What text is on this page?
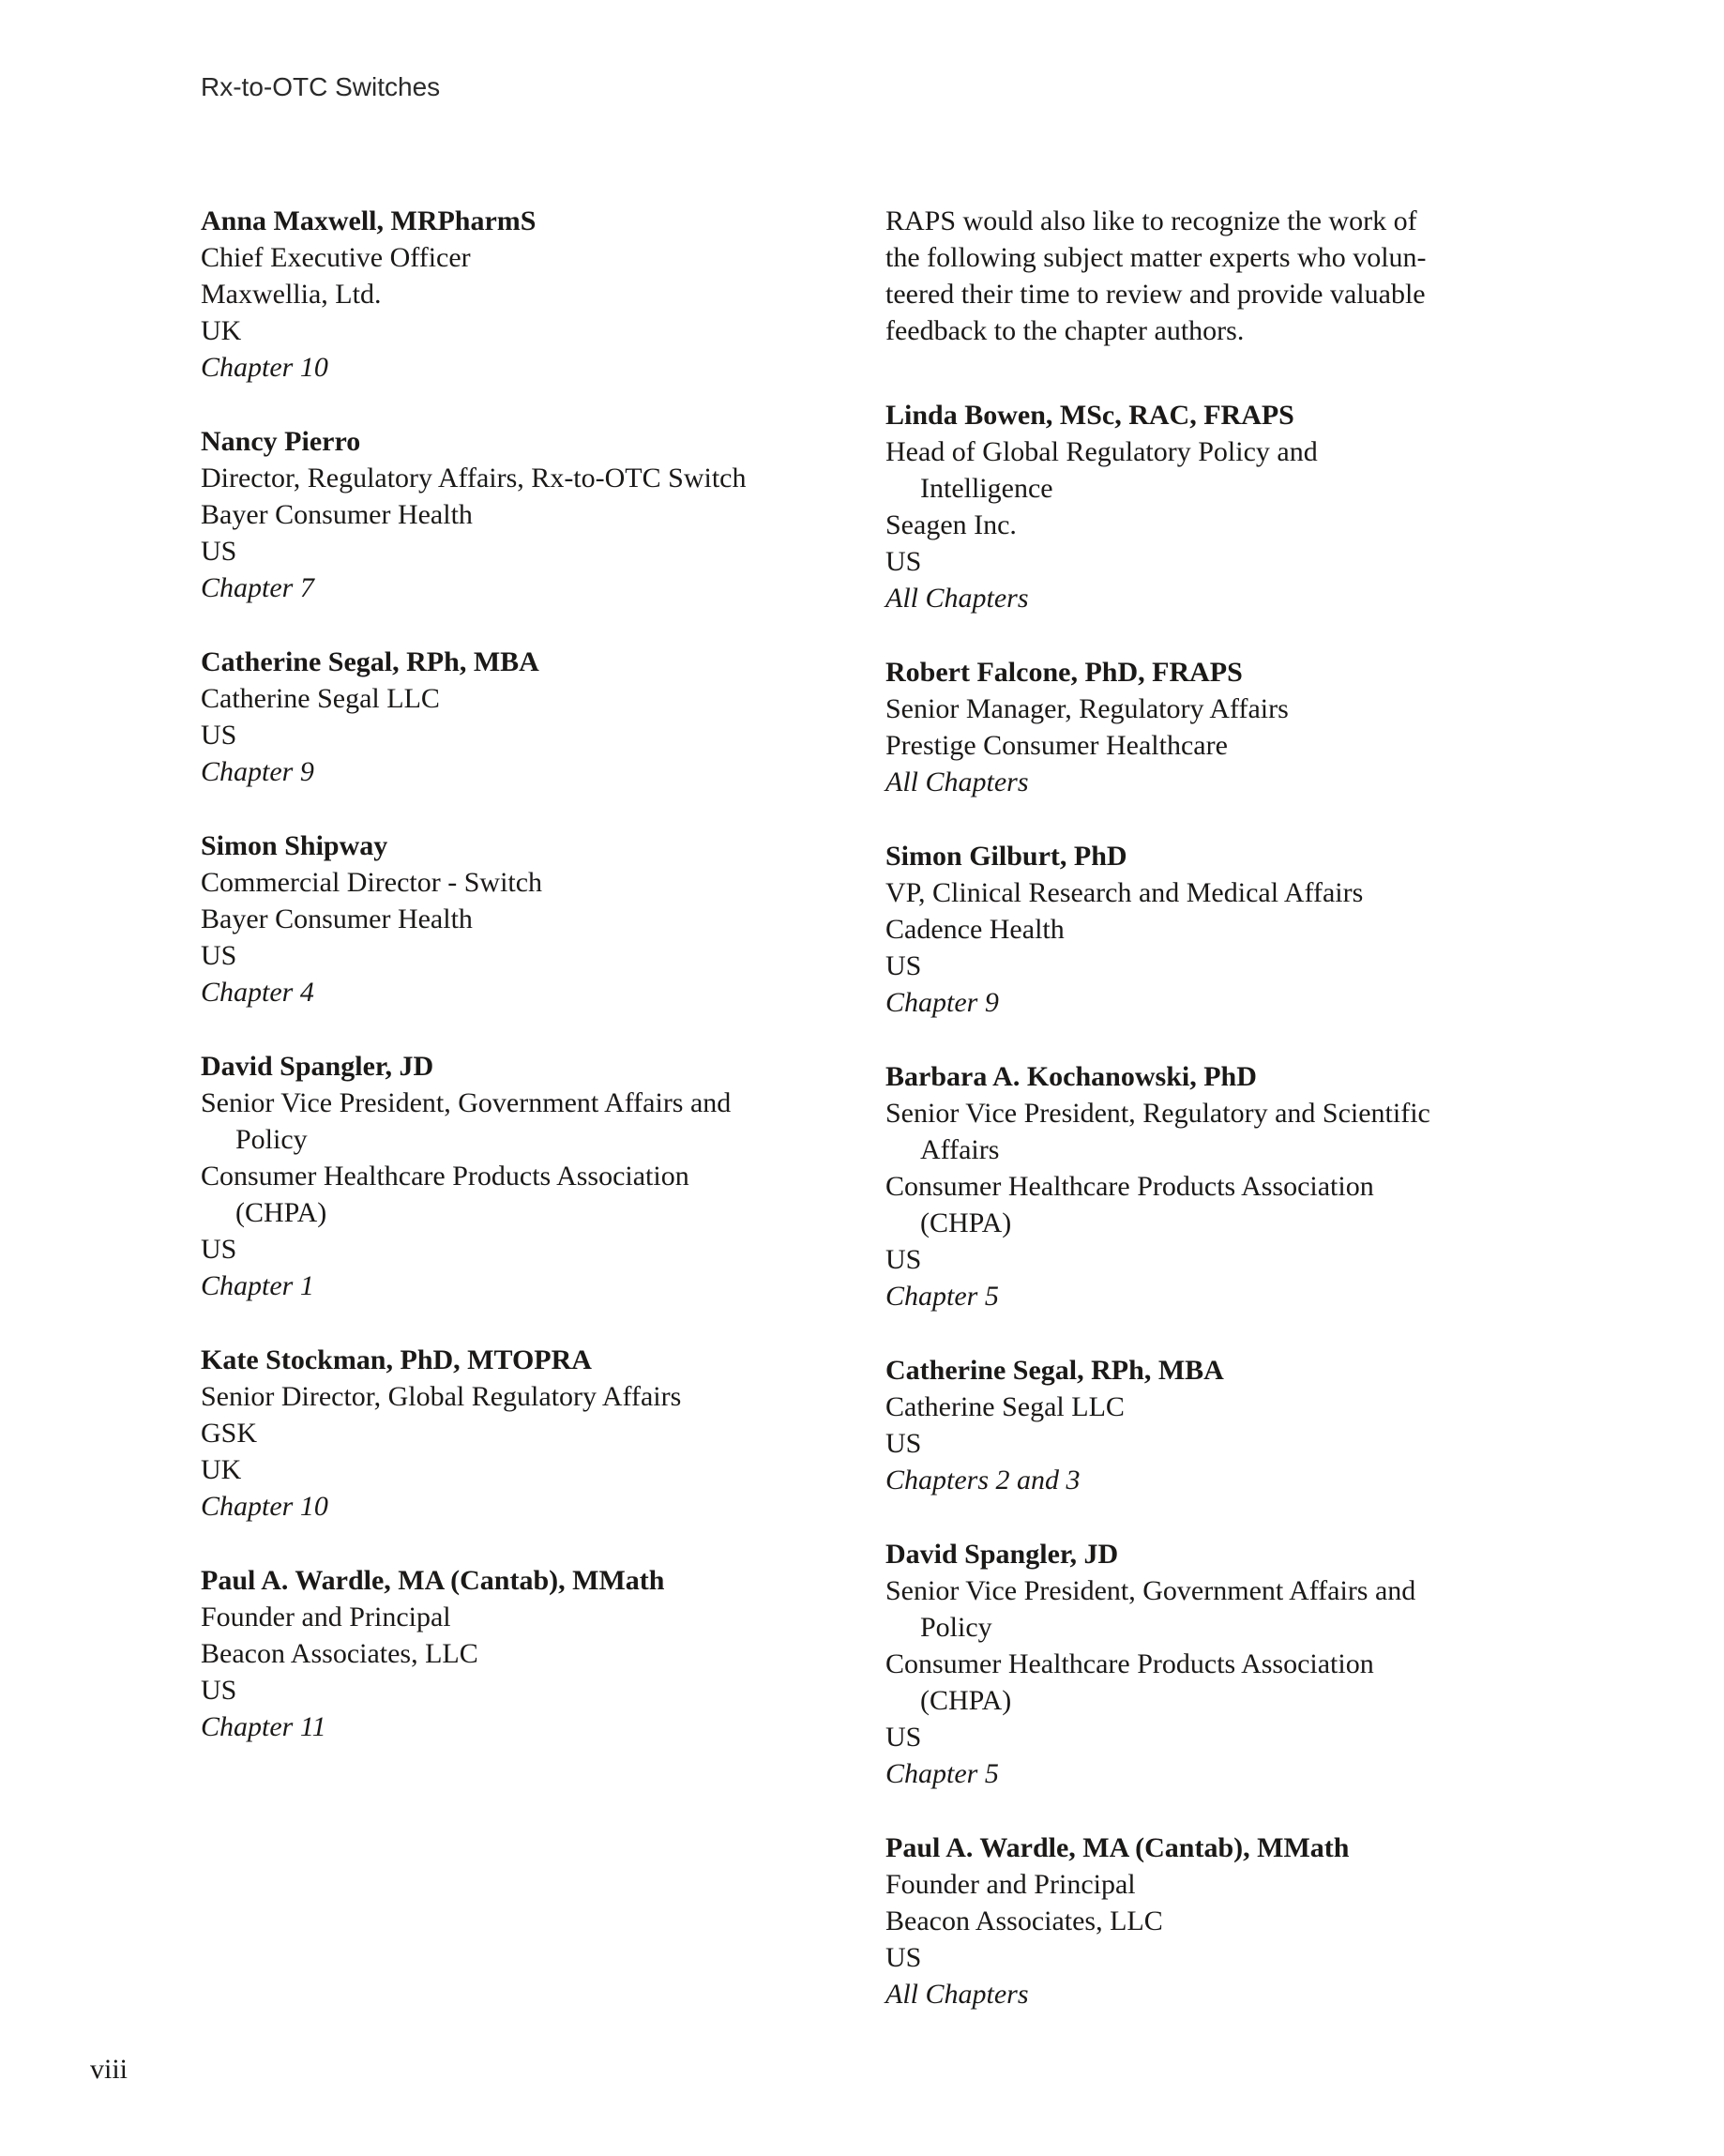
Rx-to-OTC Switches
Anna Maxwell, MRPharmS
Chief Executive Officer
Maxwellia, Ltd.
UK
Chapter 10
Nancy Pierro
Director, Regulatory Affairs, Rx-to-OTC Switch
Bayer Consumer Health
US
Chapter 7
Catherine Segal, RPh, MBA
Catherine Segal LLC
US
Chapter 9
Simon Shipway
Commercial Director - Switch
Bayer Consumer Health
US
Chapter 4
David Spangler, JD
Senior Vice President, Government Affairs and
Policy
Consumer Healthcare Products Association
(CHPA)
US
Chapter 1
Kate Stockman, PhD, MTOPRA
Senior Director, Global Regulatory Affairs
GSK
UK
Chapter 10
Paul A. Wardle, MA (Cantab), MMath
Founder and Principal
Beacon Associates, LLC
US
Chapter 11
RAPS would also like to recognize the work of
the following subject matter experts who volun-
teered their time to review and provide valuable
feedback to the chapter authors.
Linda Bowen, MSc, RAC, FRAPS
Head of Global Regulatory Policy and
Intelligence
Seagen Inc.
US
All Chapters
Robert Falcone, PhD, FRAPS
Senior Manager, Regulatory Affairs
Prestige Consumer Healthcare
All Chapters
Simon Gilburt, PhD
VP, Clinical Research and Medical Affairs
Cadence Health
US
Chapter 9
Barbara A. Kochanowski, PhD
Senior Vice President, Regulatory and Scientific
Affairs
Consumer Healthcare Products Association
(CHPA)
US
Chapter 5
Catherine Segal, RPh, MBA
Catherine Segal LLC
US
Chapters 2 and 3
David Spangler, JD
Senior Vice President, Government Affairs and
Policy
Consumer Healthcare Products Association
(CHPA)
US
Chapter 5
Paul A. Wardle, MA (Cantab), MMath
Founder and Principal
Beacon Associates, LLC
US
All Chapters
viii
